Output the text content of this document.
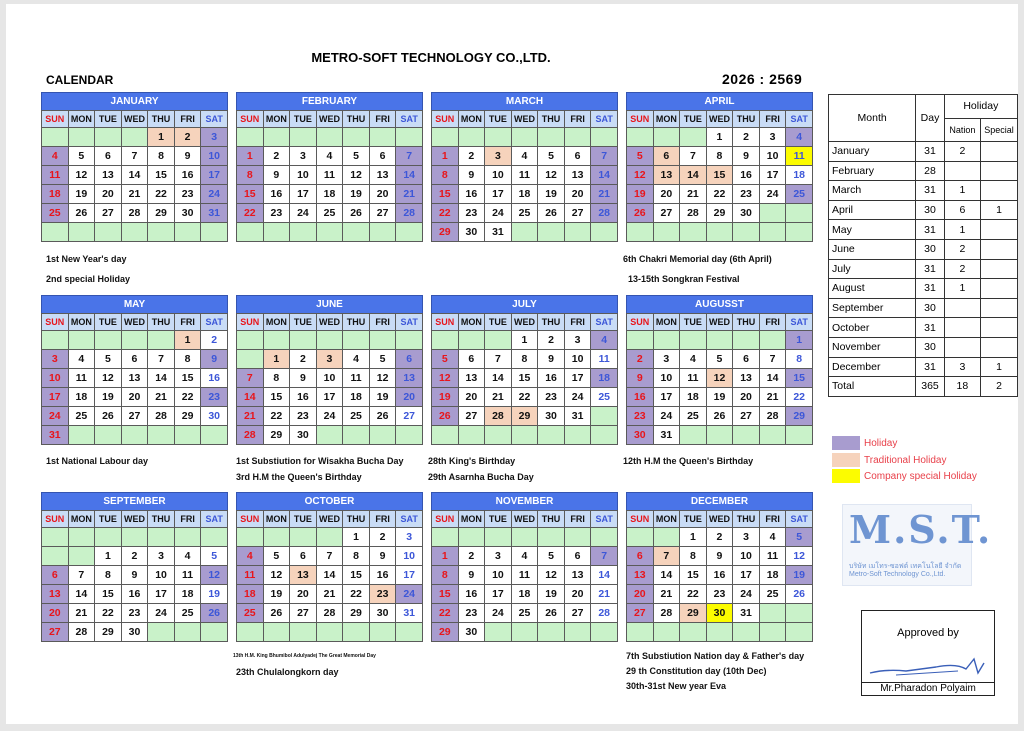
METRO-SOFT TECHNOLOGY CO.,LTD.
CALENDAR	2026 : 2569
JANUARY
SUN	MON	TUE	WED	THU	FRI	SAT
				1	2	3
4	5	6	7	8	9	10
11	12	13	14	15	16	17
18	19	20	21	22	23	24
25	26	27	28	29	30	31

FEBRUARY
SUN	MON	TUE	WED	THU	FRI	SAT

1	2	3	4	5	6	7
8	9	10	11	12	13	14
15	16	17	18	19	20	21
22	23	24	25	26	27	28

MARCH
SUN	MON	TUE	WED	THU	FRI	SAT

1	2	3	4	5	6	7
8	9	10	11	12	13	14
15	16	17	18	19	20	21
22	23	24	25	26	27	28
29	30	31				
APRIL
SUN	MON	TUE	WED	THU	FRI	SAT
			1	2	3	4
5	6	7	8	9	10	11
12	13	14	15	16	17	18
19	20	21	22	23	24	25
26	27	28	29	30		

MAY
SUN	MON	TUE	WED	THU	FRI	SAT
					1	2
3	4	5	6	7	8	9
10	11	12	13	14	15	16
17	18	19	20	21	22	23
24	25	26	27	28	29	30
31						
JUNE
SUN	MON	TUE	WED	THU	FRI	SAT

	1	2	3	4	5	6
7	8	9	10	11	12	13
14	15	16	17	18	19	20
21	22	23	24	25	26	27
28	29	30				
JULY
SUN	MON	TUE	WED	THU	FRI	SAT
			1	2	3	4
5	6	7	8	9	10	11
12	13	14	15	16	17	18
19	20	21	22	23	24	25
26	27	28	29	30	31	

AUGUSST
SUN	MON	TUE	WED	THU	FRI	SAT
						1
2	3	4	5	6	7	8
9	10	11	12	13	14	15
16	17	18	19	20	21	22
23	24	25	26	27	28	29
30	31					
SEPTEMBER
SUN	MON	TUE	WED	THU	FRI	SAT

		1	2	3	4	5
6	7	8	9	10	11	12
13	14	15	16	17	18	19
20	21	22	23	24	25	26
27	28	29	30			
OCTOBER
SUN	MON	TUE	WED	THU	FRI	SAT
				1	2	3
4	5	6	7	8	9	10
11	12	13	14	15	16	17
18	19	20	21	22	23	24
25	26	27	28	29	30	31

NOVEMBER
SUN	MON	TUE	WED	THU	FRI	SAT

1	2	3	4	5	6	7
8	9	10	11	12	13	14
15	16	17	18	19	20	21
22	23	24	25	26	27	28
29	30					
DECEMBER
SUN	MON	TUE	WED	THU	FRI	SAT
		1	2	3	4	5
6	7	8	9	10	11	12
13	14	15	16	17	18	19
20	21	22	23	24	25	26
27	28	29	30	31		

1st New Year's day
2nd special Holiday
6th Chakri Memorial day (6th April)
13-15th Songkran Festival
1st National Labour day	1st Substiution for Wisakha Bucha Day
3rd H.M the Queen's Birthday
28th King's Birthday
29th Asarnha Bucha Day
12th H.M the Queen's Birthday
13th H.M. King Bhumibol Adulyadej The Great Memorial Day
23th Chulalongkorn day
7th Substiution Nation day & Father's day
29 th Constitution day (10th Dec)
30th-31st New year Eva
Month	Day	Holiday	
		Nation	Special
January	31	2	
February	28		
March	31	1	
April	30	6	1
May	31	1	
June	30	2	
July	31	2	
August	31	1	
September	30		
October	31		
November	30		
December	31	3	1
Total	365	18	2
Holiday
Traditional Holiday
Company special Holiday
M.S.T.
บริษัท เมโทร-ซอฟต์ เทคโนโลยี จำกัด
Metro-Soft Technology Co.,Ltd.
Approved by
Mr.Pharadon Polyaim
